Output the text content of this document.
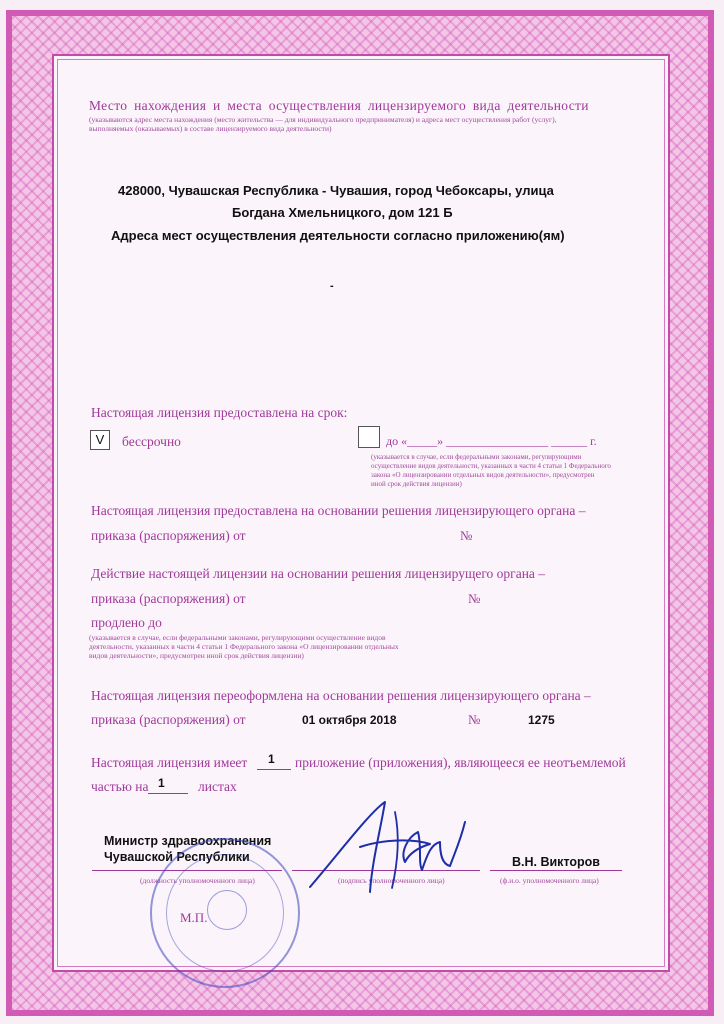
Место нахождения и места осуществления лицензируемого вида деятельности
(указываются адрес места нахождения (место жительства — для индивидуального предпринимателя) и адреса мест осуществления работ (услуг),
выполняемых (оказываемых) в составе лицензируемого вида деятельности)
428000, Чувашская Республика - Чувашия, город Чебоксары, улица
Богдана Хмельницкого, дом 121 Б
Адреса мест осуществления деятельности согласно приложению(ям)
-
Настоящая лицензия предоставлена на срок:
V	бессрочно	до «_____» _________________ ______ г.
(указывается в случае, если федеральными законами, регулирующими
осуществление видов деятельности, указанных в части 4 статьи 1 Федерального
закона «О лицензировании отдельных видов деятельности», предусмотрен
иной срок действия лицензии)
Настоящая лицензия предоставлена на основании решения лицензирующего органа –
приказа (распоряжения) от	№
Действие настоящей лицензии на основании решения лицензирущего органа –
приказа (распоряжения) от	№
продлено до
(указывается в случае, если федеральными законами, регулирующими осуществление видов
деятельности, указанных в части 4 статьи 1 Федерального закона «О лицензировании отдельных
видов деятельности», предусмотрен иной срок действия лицензии)
Настоящая лицензия переоформлена на основании решения лицензирующего органа –
приказа (распоряжения) от	01 октября 2018	№	1275
Настоящая лицензия имеет 1 приложение (приложения), являющееся ее неотъемлемой
частью на 1 листах
Министр здравоохранения
Чувашской Республики
(должность уполномоченного лица)	(подпись уполномоченного лица)
В.Н. Викторов
(ф.и.о. уполномоченного лица)
М.П.
